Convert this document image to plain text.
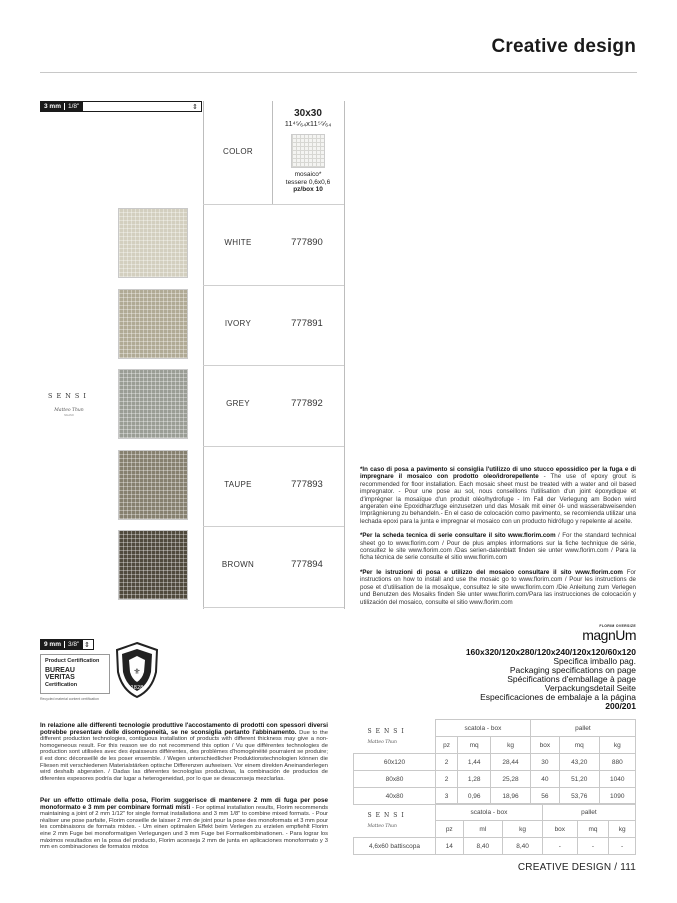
Creative design
3 mm	1/8"	⇕
30x30
11⁴⁵⁄₆₄x11⁵⁵⁄₆₄
mosaico*
tessere 0,6x0,6
pz/box 10
COLOR
WHITE	777890
IVORY	777891
GREY	777892
TAUPE	777893
BROWN	777894
SENSI
Matteo Thun
MILANO

*In caso di posa a pavimento si consiglia l'utilizzo di uno stucco epossidico per la fuga e di impregnare il mosaico con prodotto oleo/idrorepellente - The use of epoxy grout is recommended for floor installation. Each mosaic sheet must be treated with a water and oil based impregnator. - Pour une pose au sol, nous conseillons l'utilisation d'un joint époxydique et d'imprégner la mosaïque d'un produit oléo/hydrofuge - Im Fall der Verlegung am Boden wird angeraten eine Epoxidharzfuge einzusetzen und das Mosaik mit einer öl- und wasserabweisenden Imprägnierung zu behandeln.- En el caso de colocación como pavimento, se recomienda utilizar una lechada epoxi para la junta e impregnar el mosaico con un producto hidrófugo y repelente al aceite.

*Per la scheda tecnica di serie consultare il sito www.florim.com / For the standard technical sheet go to www.florim.com / Pour de plus amples informations sur la fiche technique de série, consultez le site www.florim.com /Das serien-datenblatt finden sie unter www.florim.com / Para la ficha técnica de serie consulte el sitio www.florim.com

*Per le istruzioni di posa e utilizzo del mosaico consultare il sito www.florim.com For instructions on how to install and use the mosaic go to www.florim.com / Pour les instructions de pose et d'utilisation de la mosaïque, consultez le site www.florim.com /Die Anleitung zum Verlegen und Benutzen des Mosaiks finden Sie unter www.florim.com/Para las instrucciones de colocación y utilización del mosaico, consulte el sitio www.florim.com

9 mm	3/8" ⇕
Product Certification
BUREAU VERITAS
Certification
⚜
1828
Recycled material content certification

In relazione alle differenti tecnologie produttive l'accostamento di prodotti con spessori diversi potrebbe presentare delle disomogeneità, se ne sconsiglia pertanto l'abbinamento. Due to the different production technologies, contiguous installation of products with different thickness may give a non-homogeneous result. For this reason we do not recommend this option / Vu que différentes technologies de production sont utilisées avec des épaisseurs différentes, des problèmes d'homogénéité pourraient se produire; il est donc déconseillé de les poser ensemble. / Wegen unterschiedlicher Produktionstechnologien können die Fliesen mit verschiedenen Materialstärken optische Differenzen aufweisen. Vor einem direkten Aneinanderlegen wird deshalb abgeraten. / Dadas las diferentes tecnologías productivas, la combinación de productos de diferentes espesores podría dar lugar a heterogeneidad, por lo que se desaconseja mezclarlas.

Per un effetto ottimale della posa, Florim suggerisce di mantenere 2 mm di fuga per pose monoformato e 3 mm per combinare formati misti - For optimal installation results, Florim recommends maintaining a joint of 2 mm 1/12" for single format installations and 3 mm 1/8" to combine mixed formats. - Pour réaliser une pose parfaite, Florim conseille de laisser 2 mm de joint pour la pose des monoformats et 3 mm pour les combinaisons de formats mixtes. - Um einen optimalen Effekt beim Verlegen zu erzielen empfiehlt Florim eine 2 mm Fuge bei monoformatigen Verlegungen und 3 mm Fuge bei Formatkombinationen. - Para lograr los máximos resultados en la posa del producto, Florim aconseja 2 mm de junta en aplicaciones monoformato y 3 mm en combinaciones de formatos mixtos

FLORIM OVERSIZE
magnUm
160x320/120x280/120x240/120x120/60x120
Specifica imballo pag.
Packaging specifications on page
Spécifications d'emballage à page
Verpackungsdetail Seite
Especificaciones de embalaje a la página
200/201
SENSI
Matteo Thun	scatola - box			pallet		
	pz	mq	kg	box	mq	kg
60x120	2	1,44	28,44	30	43,20	880
80x80	2	1,28	25,28	40	51,20	1040
40x80	3	0,96	18,96	56	53,76	1090
SENSI
Matteo Thun	scatola - box			pallet		
	pz	ml	kg	box	mq	kg
4,6x60 battiscopa	14	8,40	8,40	-	-	-
CREATIVE DESIGN / 111
